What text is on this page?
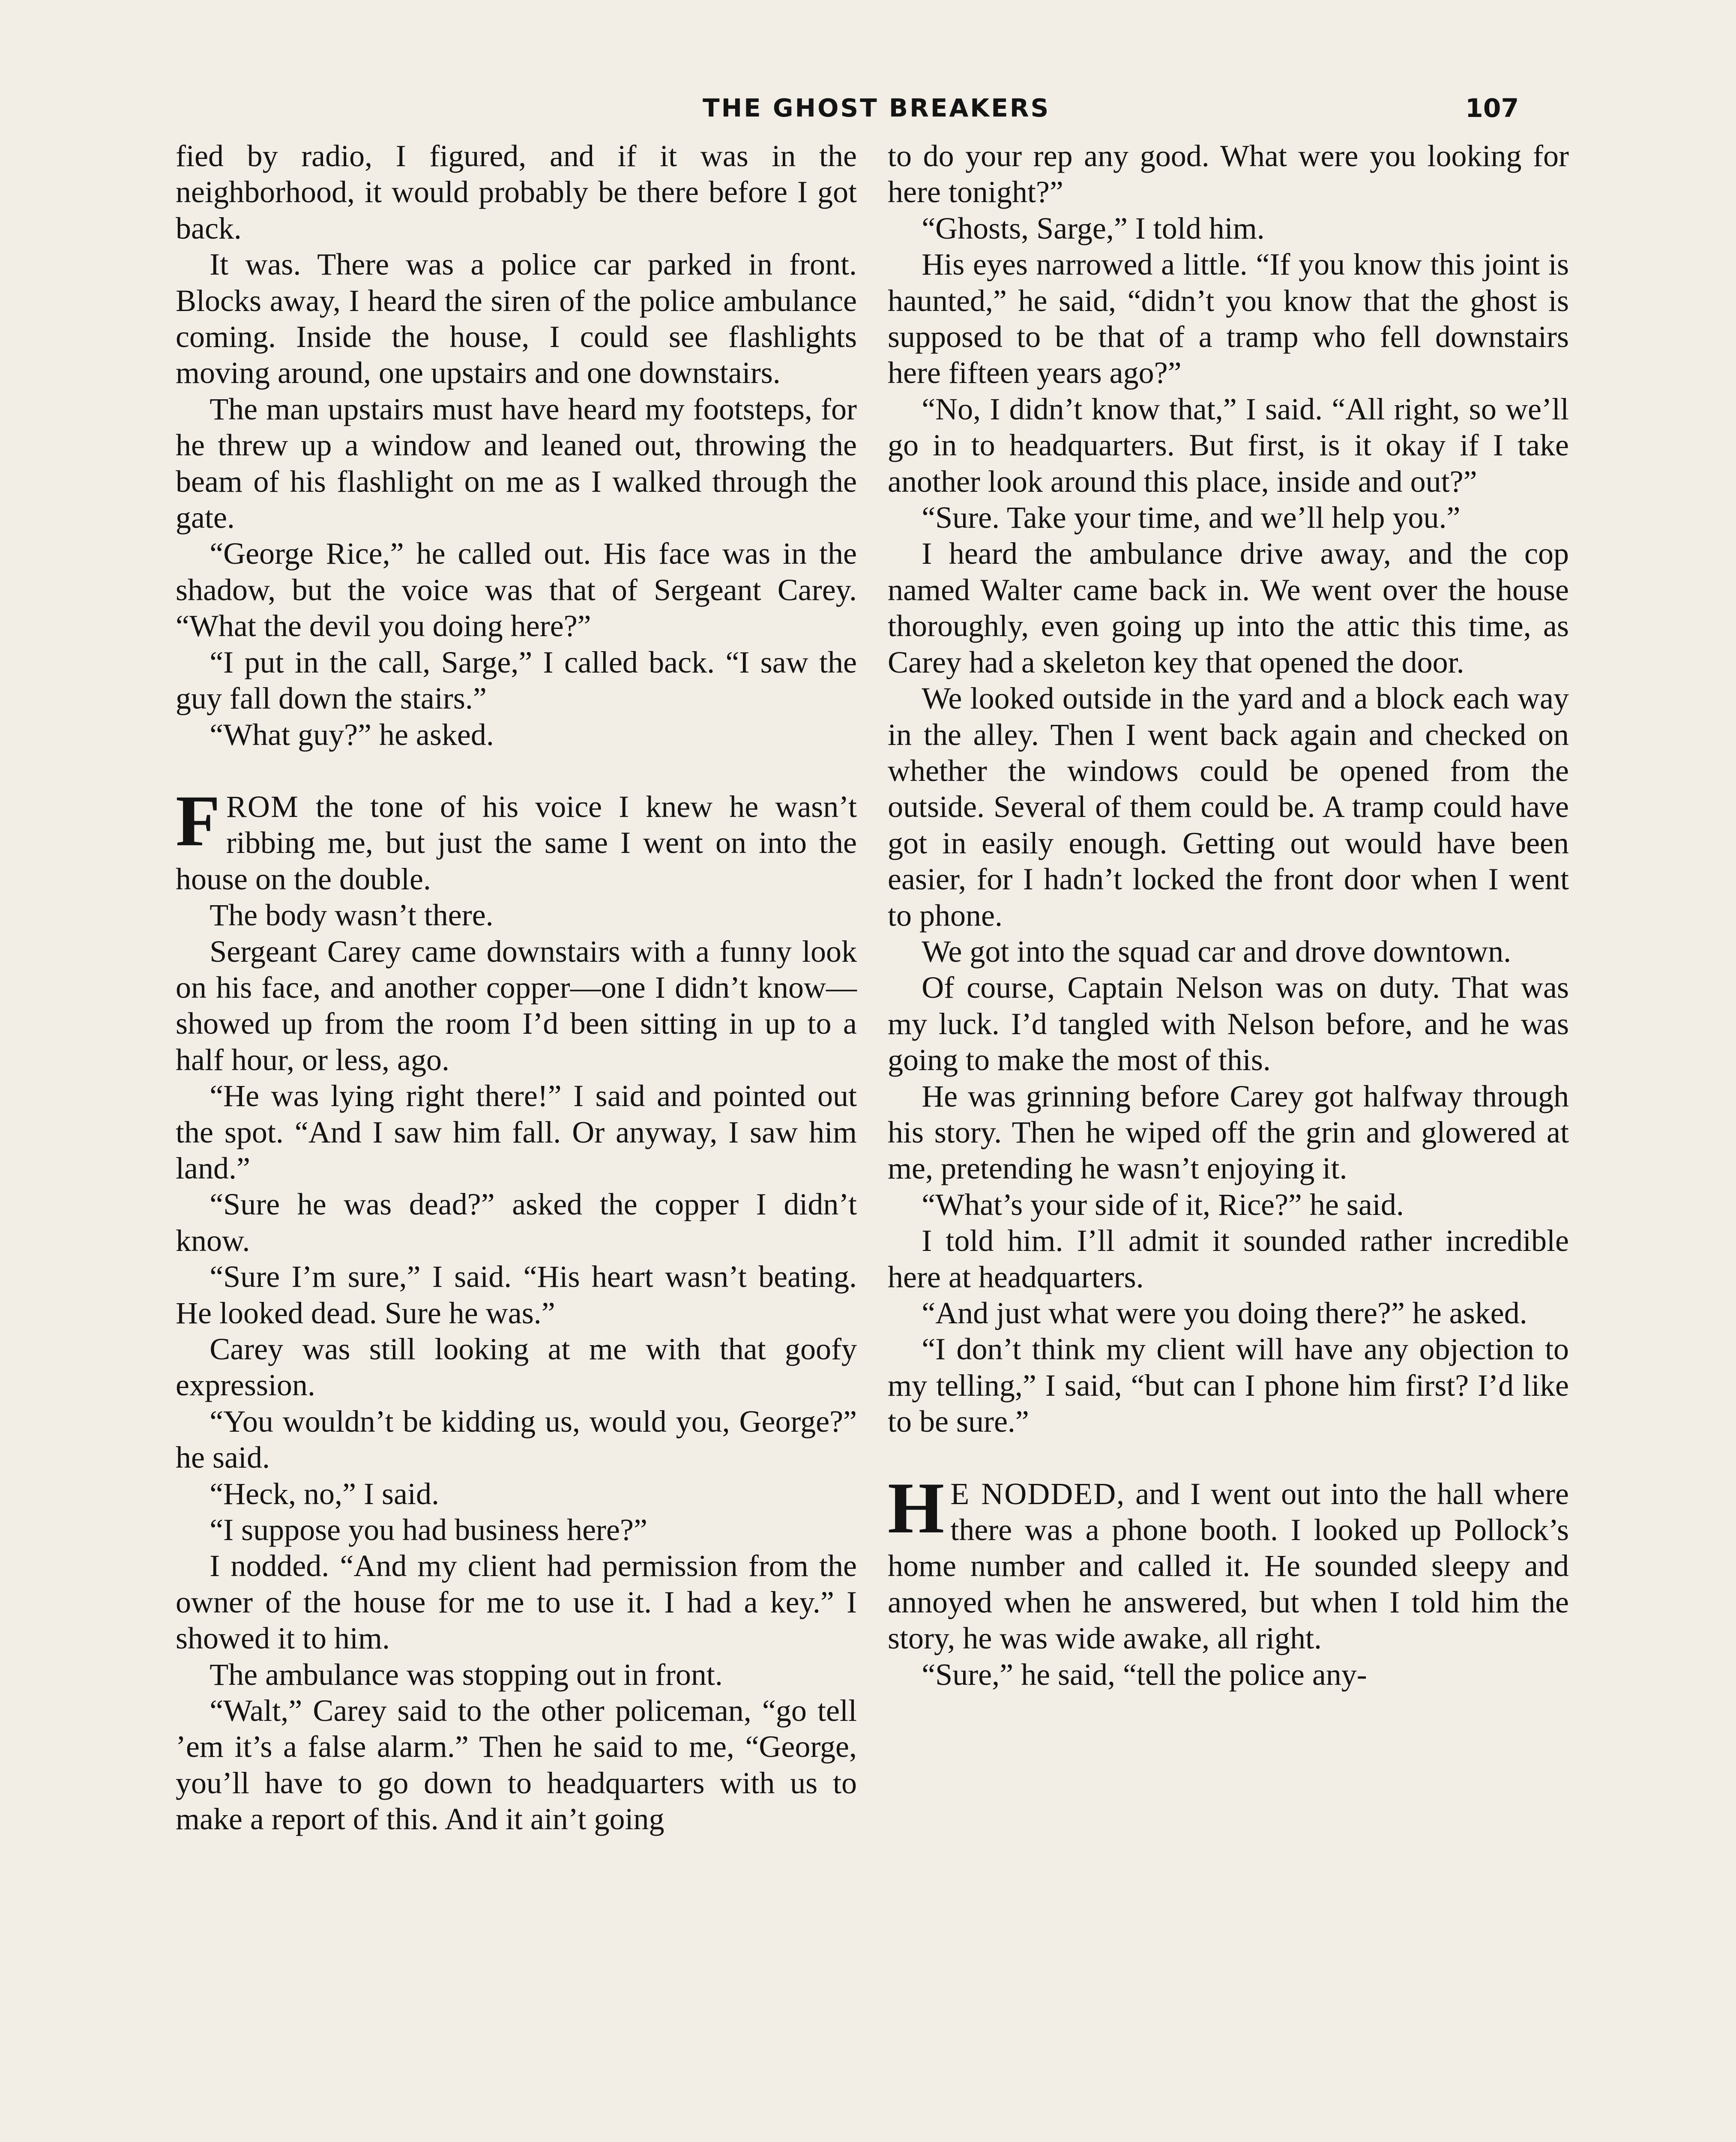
THE GHOST BREAKERS	107

fied by radio, I figured, and if it was in the neighborhood, it would probably be there before I got back.

It was. There was a police car parked in front. Blocks away, I heard the siren of the police ambulance coming. Inside the house, I could see flashlights moving around, one upstairs and one downstairs.

The man upstairs must have heard my footsteps, for he threw up a window and leaned out, throwing the beam of his flashlight on me as I walked through the gate.

“George Rice,” he called out. His face was in the shadow, but the voice was that of Sergeant Carey. “What the devil you doing here?”

“I put in the call, Sarge,” I called back. “I saw the guy fall down the stairs.”

“What guy?” he asked.

FROM the tone of his voice I knew he wasn’t ribbing me, but just the same I went on into the house on the double.

The body wasn’t there.

Sergeant Carey came downstairs with a funny look on his face, and another copper—one I didn’t know—showed up from the room I’d been sitting in up to a half hour, or less, ago.

“He was lying right there!” I said and pointed out the spot. “And I saw him fall. Or anyway, I saw him land.”

“Sure he was dead?” asked the copper I didn’t know.

“Sure I’m sure,” I said. “His heart wasn’t beating. He looked dead. Sure he was.”

Carey was still looking at me with that goofy expression.

“You wouldn’t be kidding us, would you, George?” he said.

“Heck, no,” I said.

“I suppose you had business here?”

I nodded. “And my client had permission from the owner of the house for me to use it. I had a key.” I showed it to him.

The ambulance was stopping out in front.

“Walt,” Carey said to the other policeman, “go tell ’em it’s a false alarm.” Then he said to me, “George, you’ll have to go down to headquarters with us to make a report of this. And it ain’t going

to do your rep any good. What were you looking for here tonight?”

“Ghosts, Sarge,” I told him.

His eyes narrowed a little. “If you know this joint is haunted,” he said, “didn’t you know that the ghost is supposed to be that of a tramp who fell downstairs here fifteen years ago?”

“No, I didn’t know that,” I said. “All right, so we’ll go in to headquarters. But first, is it okay if I take another look around this place, inside and out?”

“Sure. Take your time, and we’ll help you.”

I heard the ambulance drive away, and the cop named Walter came back in. We went over the house thoroughly, even going up into the attic this time, as Carey had a skeleton key that opened the door.

We looked outside in the yard and a block each way in the alley. Then I went back again and checked on whether the windows could be opened from the outside. Several of them could be. A tramp could have got in easily enough. Getting out would have been easier, for I hadn’t locked the front door when I went to phone.

We got into the squad car and drove downtown.

Of course, Captain Nelson was on duty. That was my luck. I’d tangled with Nelson before, and he was going to make the most of this.

He was grinning before Carey got halfway through his story. Then he wiped off the grin and glowered at me, pretending he wasn’t enjoying it.

“What’s your side of it, Rice?” he said.

I told him. I’ll admit it sounded rather incredible here at headquarters.

“And just what were you doing there?” he asked.

“I don’t think my client will have any objection to my telling,” I said, “but can I phone him first? I’d like to be sure.”

H E NODDED, and I went out into the hall where there was a phone booth. I looked up Pollock’s home number and called it. He sounded sleepy and annoyed when he answered, but when I told him the story, he was wide awake, all right.

“Sure,” he said, “tell the police any-
